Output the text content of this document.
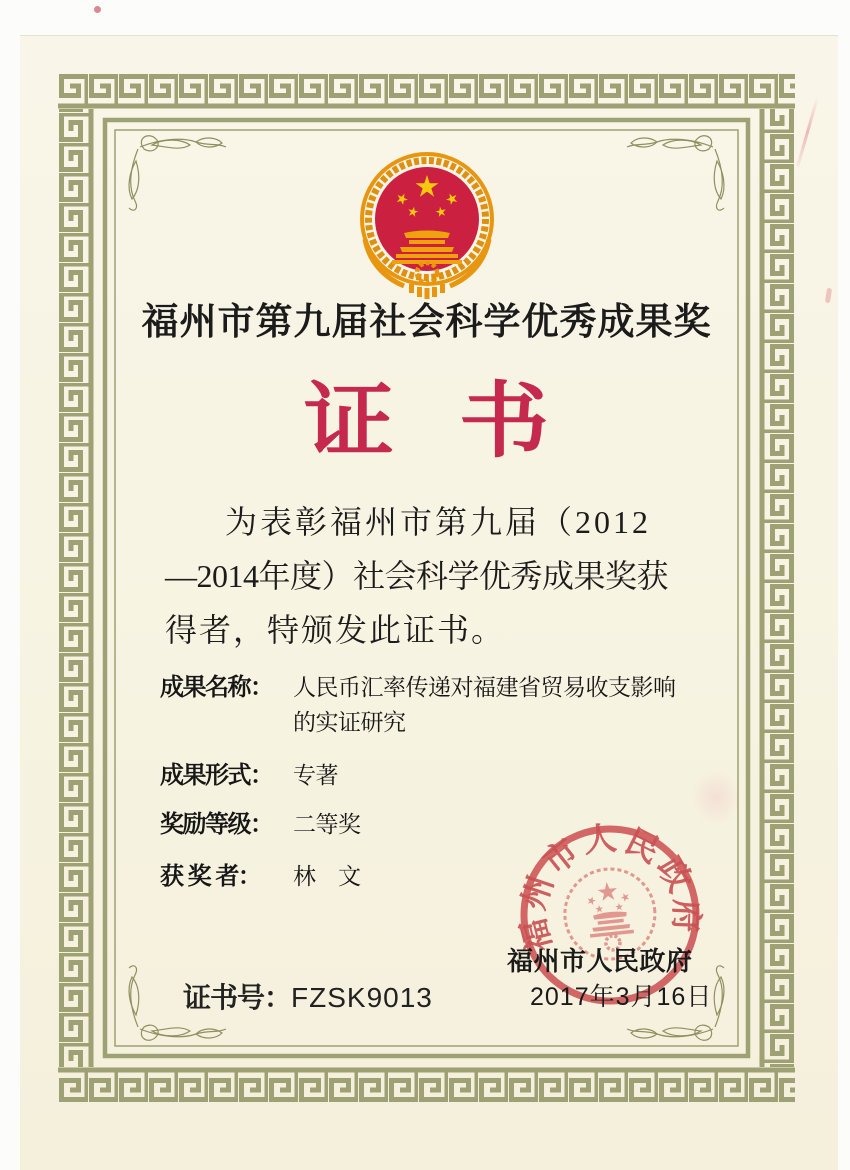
福州市人民政府
福州市第九届社会科学优秀成果奖
证 书
为表彰福州市第九届（2012
—2014年度）社会科学优秀成果奖获
得者，特颁发此证书。
成果名称： 人民币汇率传递对福建省贸易收支影响
的实证研究
成果形式： 专著
奖励等级： 二等奖
获 奖 者：	林　文
证书号：FZSK9013
福州市人民政府
2017年3月16日
